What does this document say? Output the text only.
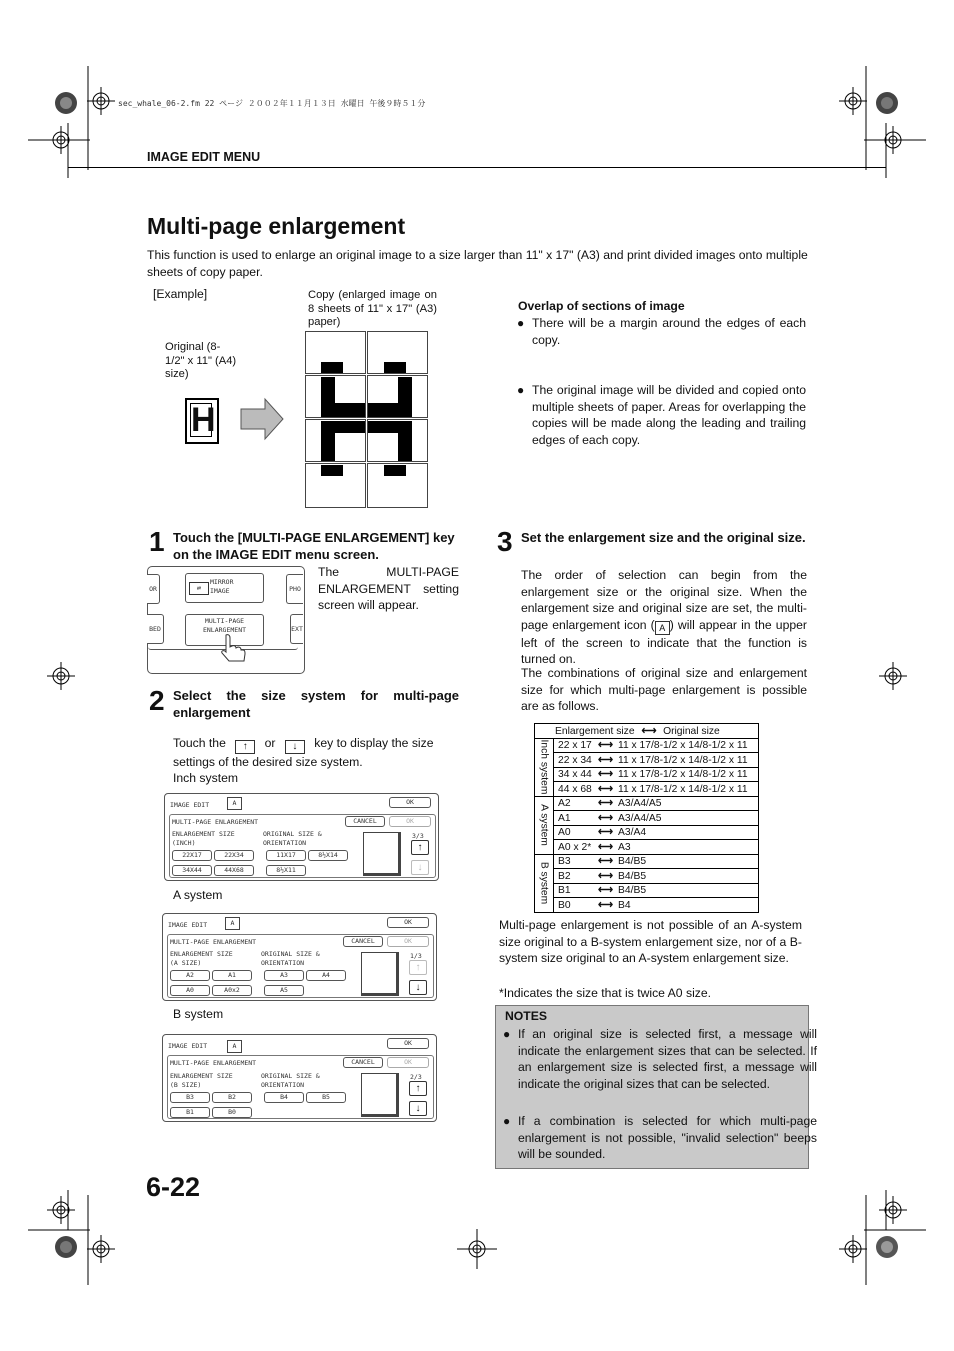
sec_whale_06-2.fm 22 ページ ２００２年１１月１３日 水曜日 午後９時５１分
IMAGE EDIT MENU
Multi-page enlargement
This function is used to enlarge an original image to a size larger than 11" x 17" (A3) and print divided images onto multiple sheets of copy paper.
[Example]	Copy (enlarged image on 8 sheets of 11" x 17" (A3) paper)
Original (8-1/2" x 11" (A4) size)
H
Overlap of sections of image
● There will be a margin around the edges of each copy.
● The original image will be divided and copied onto multiple sheets of paper. Areas for overlapping the copies will be made along the leading and trailing edges of each copy.
1 Touch the [MULTI-PAGE ENLARGEMENT] key on the IMAGE EDIT menu screen.
OR
BED
⇄
MIRROR
IMAGE
MULTI-PAGE
ENLARGEMENT
PHO
EXT
The MULTI-PAGE ENLARGEMENT setting screen will appear.
2 Select the size system for multi-page enlargement
Touch the ↑ or ↓ key to display the size settings of the desired size system.
Inch system
IMAGE EDIT	A	OK
MULTI-PAGE ENLARGEMENT	CANCEL	OK
ENLARGEMENT SIZE
(INCH)
ORIGINAL SIZE &
ORIENTATION
22X17	22X34
34X44	44X68
11X17	8½X14
8½X11
3/3
↑
↓
A system
IMAGE EDIT	A	OK
MULTI-PAGE ENLARGEMENT	CANCEL	OK
ENLARGEMENT SIZE
(A SIZE)
ORIGINAL SIZE &
ORIENTATION
A2	A1
A0	A0x2
A3	A4
A5
1/3
↑
↓
B system
IMAGE EDIT	A	OK
MULTI-PAGE ENLARGEMENT	CANCEL	OK
ENLARGEMENT SIZE
(B SIZE)
ORIGINAL SIZE &
ORIENTATION
B3	B2
B1	B0
B4	B5
2/3
↑
↓
3 Set the enlargement size and the original size.
The order of selection can begin from the enlargement size or the original size. When the enlargement size and original size are set, the multi-page enlargement icon ( A ) will appear in the upper left of the screen to indicate that the function is turned on.
The combinations of original size and enlargement size for which multi-page enlargement is possible are as follows.
Enlargement size ⟷ Original size	

Inch system	22 x 17 ⟷ 11 x 17/8-1/2 x 14/8-1/2 x 11
	22 x 34 ⟷ 11 x 17/8-1/2 x 14/8-1/2 x 11
	34 x 44 ⟷ 11 x 17/8-1/2 x 14/8-1/2 x 11
	44 x 68 ⟷ 11 x 17/8-1/2 x 14/8-1/2 x 11

A system	A2 ⟷ A3/A4/A5
	A1 ⟷ A3/A4/A5
	A0 ⟷ A3/A4
	A0 x 2* ⟷ A3

B system	B3 ⟷ B4/B5
	B2 ⟷ B4/B5
	B1 ⟷ B4/B5
	B0 ⟷ B4
Multi-page enlargement is not possible of an A-system size original to a B-system enlargement size, nor of a B-system size original to an A-system enlargement size.
*Indicates the size that is twice A0 size.
NOTES
● If an original size is selected first, a message will indicate the enlargement sizes that can be selected. If an enlargement size is selected first, a message will indicate the original sizes that can be selected.
● If a combination is selected for which multi-page enlargement is not possible, "invalid selection" beeps will be sounded.
6-22
